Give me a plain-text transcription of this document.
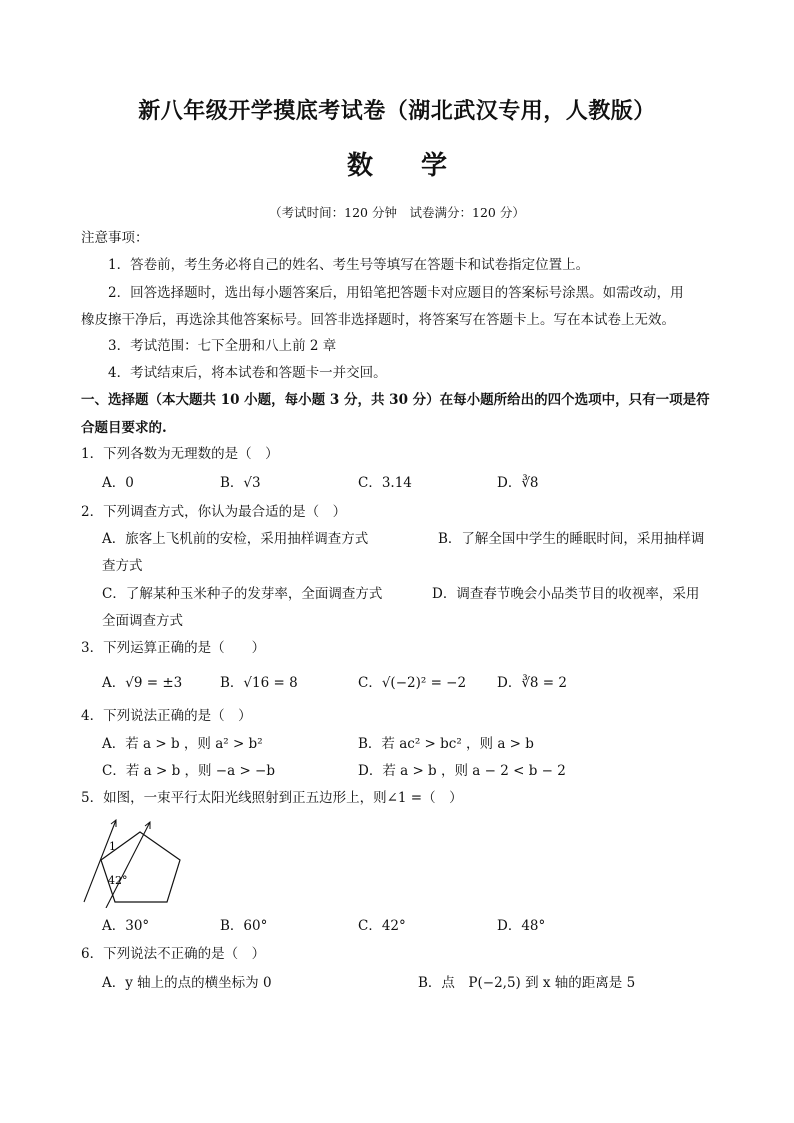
新八年级开学摸底考试卷（湖北武汉专用，人教版）
数学
（考试时间：120 分钟　试卷满分：120 分）
注意事项：
1．答卷前，考生务必将自己的姓名、考生号等填写在答题卡和试卷指定位置上。
2．回答选择题时，选出每小题答案后，用铅笔把答题卡对应题目的答案标号涂黑。如需改动，用
橡皮擦干净后，再选涂其他答案标号。回答非选择题时，将答案写在答题卡上。写在本试卷上无效。
3．考试范围：七下全册和八上前 2 章
4．考试结束后，将本试卷和答题卡一并交回。
一、选择题（本大题共 10 小题，每小题 3 分，共 30 分）在每小题所给出的四个选项中，只有一项是符
合题目要求的.
1．下列各数为无理数的是（　）
A．0	B．√3	C．3.14	D．∛8
2．下列调查方式，你认为最合适的是（　）
A．旅客上飞机前的安检，采用抽样调查方式	B．了解全国中学生的睡眠时间，采用抽样调
查方式
C．了解某种玉米种子的发芽率，全面调查方式	D．调查春节晚会小品类节目的收视率，采用
全面调查方式
3．下列运算正确的是（　　）
A．√9 = ±3	B．√16 = 8	C．√(−2)² = −2 D．∛8 = 2
4．下列说法正确的是（　）
A．若 a > b ，则 a² > b²	B．若 ac² > bc² ，则 a > b
C．若 a > b ，则 −a > −b	D．若 a > b ，则 a − 2 < b − 2
5．如图，一束平行太阳光线照射到正五边形上，则∠1 =（　）
1
42°
A．30°	B．60°	C．42°	D．48°
6．下列说法不正确的是（　）
A．y 轴上的点的横坐标为 0	B．点　P(−2,5) 到 x 轴的距离是 5
